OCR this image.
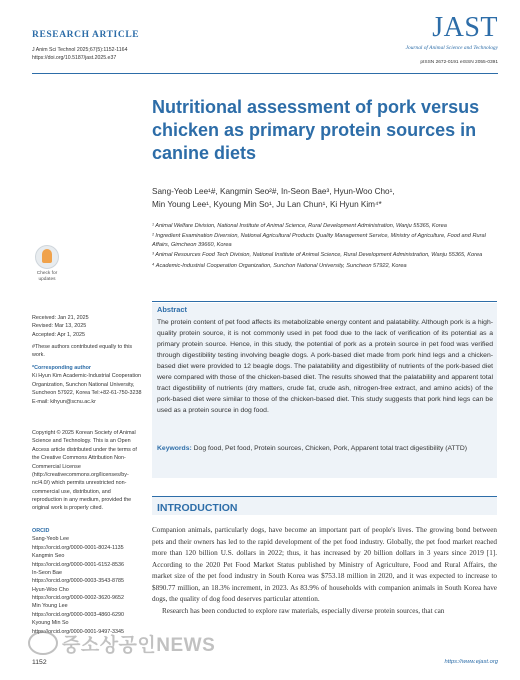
RESEARCH ARTICLE
J Anim Sci Technol 2025;67(5):1152-1164
https://doi.org/10.5187/jast.2025.e37
JAST
Journal of Animal Science and Technology
pISSN 2672-0191 eISSN 2055-0391
Nutritional assessment of pork versus chicken as primary protein sources in canine diets
Sang-Yeob Lee¹#, Kangmin Seo²#, In-Seon Bae³, Hyun-Woo Cho¹,
Min Young Lee¹, Kyoung Min So¹, Ju Lan Chun¹, Ki Hyun Kim⁴*

¹ Animal Welfare Division, National Institute of Animal Science, Rural Development Administration, Wanju 55365, Korea

² Ingredient Examination Diversion, National Agricultural Products Quality Management Service, Ministry of Agriculture, Food and Rural Affairs, Gimcheon 39660, Korea

³ Animal Resources Food Tech Division, National Institute of Animal Science, Rural Development Administration, Wanju 55365, Korea

⁴ Academic-Industrial Cooperation Organization, Sunchon National University, Suncheon 57922, Korea

Check for updates
Received: Jan 21, 2025
Revised: Mar 13, 2025
Accepted: Apr 1, 2025
#These authors contributed equally to this work.
*Corresponding author
Ki Hyun Kim Academic-Industrial Cooperation Organization, Sunchon National University, Suncheon 57922, Korea Tel:+82-61-750-3238 E-mail: kihyun@scnu.ac.kr
Copyright © 2025 Korean Society of Animal Science and Technology. This is an Open Access article distributed under the terms of the Creative Commons Attribution Non-Commercial License (http://creativecommons.org/licenses/by-nc/4.0/) which permits unrestricted non-commercial use, distribution, and reproduction in any medium, provided the original work is properly cited.
ORCID
Sang-Yeob Lee
https://orcid.org/0000-0001-8024-1135
Kangmin Seo
https://orcid.org/0000-0001-6152-8536
In-Seon Bae
https://orcid.org/0000-0003-3543-8785
Hyun-Woo Cho
https://orcid.org/0000-0002-3620-9652
Min Young Lee
https://orcid.org/0000-0003-4860-6290
Kyoung Min So
https://orcid.org/0000-0001-9497-3345
Abstract
The protein content of pet food affects its metabolizable energy content and palatability. Although pork is a high-quality protein source, it is not commonly used in pet food due to the lack of verification of its potential as a primary protein source. Hence, in this study, the potential of pork as a protein source in pet food was verified through digestibility testing involving beagle dogs. A pork-based diet made from pork hind legs and a chicken-based diet were provided to 12 beagle dogs. The palatability and digestibility of nutrients of the pork-based diet were compared with those of the chicken-based diet. The results showed that the palatability and apparent total tract digestibility of nutrients (dry matters, crude fat, crude ash, nitrogen-free extract, and amino acids) of the pork-based diet were similar to those of the chicken-based diet. This study suggests that pork hind legs can be used as a protein source in dog food.
Keywords: Dog food, Pet food, Protein sources, Chicken, Pork, Apparent total tract digestibility (ATTD)
INTRODUCTION

Companion animals, particularly dogs, have become an important part of people's lives. The growing bond between pets and their owners has led to the rapid development of the pet food industry. Globally, the pet food market reached more than 120 billion U.S. dollars in 2022; thus, it has increased by 20 billion dollars in 3 years since 2019 [1]. According to the 2020 Pet Food Market Status published by Ministry of Agriculture, Food and Rural Affairs, the market size of the pet food industry in South Korea was $753.18 million in 2020, and it was expected to increase to $890.77 million, an 18.3% increment, in 2023. As 83.9% of households with companion animals in South Korea have dogs, the quality of dog food deserves particular attention.

Research has been conducted to explore raw materials, especially diverse protein sources, that can

중소상공인NEWS
1152	https://www.ejast.org
